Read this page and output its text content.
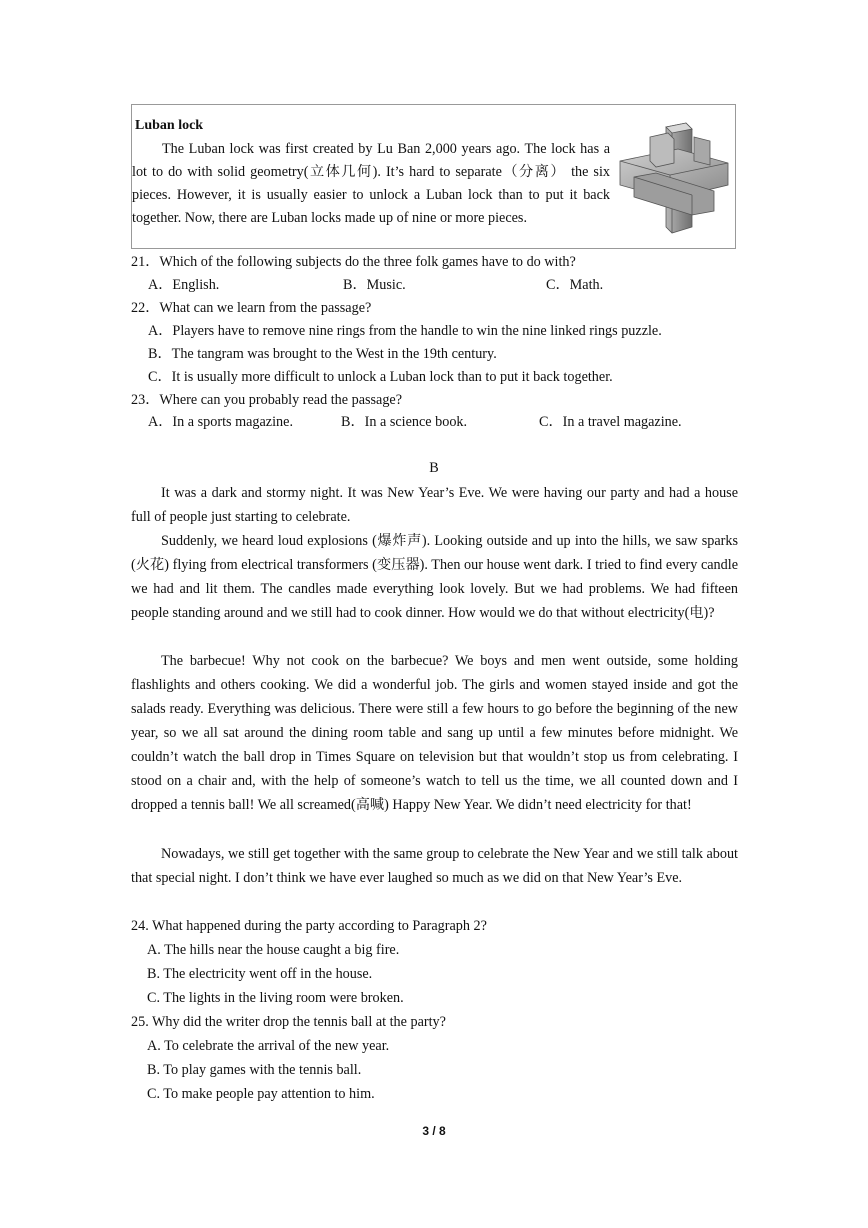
Luban lock
The Luban lock was first created by Lu Ban 2,000 years ago. The lock has a lot to do with solid geometry(立体几何). It’s hard to separate（分离） the six pieces. However, it is usually easier to unlock a Luban lock than to put it back together. Now, there are Luban locks made up of nine or more pieces.
21．Which of the following subjects do the three folk games have to do with?
A．English.	B．Music.	C．Math.
22．What can we learn from the passage?
A．Players have to remove nine rings from the handle to win the nine linked rings puzzle.
B．The tangram was brought to the West in the 19th century.
C．It is usually more difficult to unlock a Luban lock than to put it back together.
23．Where can you probably read the passage?
A．In a sports magazine.	B．In a science book.	C．In a travel magazine.
B
It was a dark and stormy night. It was New Year’s Eve. We were having our party and had a house full of people just starting to celebrate.
Suddenly, we heard loud explosions (爆炸声). Looking outside and up into the hills, we saw sparks (火花) flying from electrical transformers (变压器). Then our house went dark. I tried to find every candle we had and lit them. The candles made everything look lovely. But we had problems. We had fifteen people standing around and we still had to cook dinner. How would we do that without electricity(电)?
The barbecue! Why not cook on the barbecue? We boys and men went outside, some holding flashlights and others cooking. We did a wonderful job. The girls and women stayed inside and got the salads ready. Everything was delicious. There were still a few hours to go before the beginning of the new year, so we all sat around the dining room table and sang up until a few minutes before midnight. We couldn’t watch the ball drop in Times Square on television but that wouldn’t stop us from celebrating. I stood on a chair and, with the help of someone’s watch to tell us the time, we all counted down and I dropped a tennis ball! We all screamed(高喊) Happy New Year. We didn’t need electricity for that!
Nowadays, we still get together with the same group to celebrate the New Year and we still talk about that special night. I don’t think we have ever laughed so much as we did on that New Year’s Eve.
24. What happened during the party according to Paragraph 2?
A. The hills near the house caught a big fire.
B. The electricity went off in the house.
C. The lights in the living room were broken.
25. Why did the writer drop the tennis ball at the party?
A. To celebrate the arrival of the new year.
B. To play games with the tennis ball.
C. To make people pay attention to him.
3 / 8
